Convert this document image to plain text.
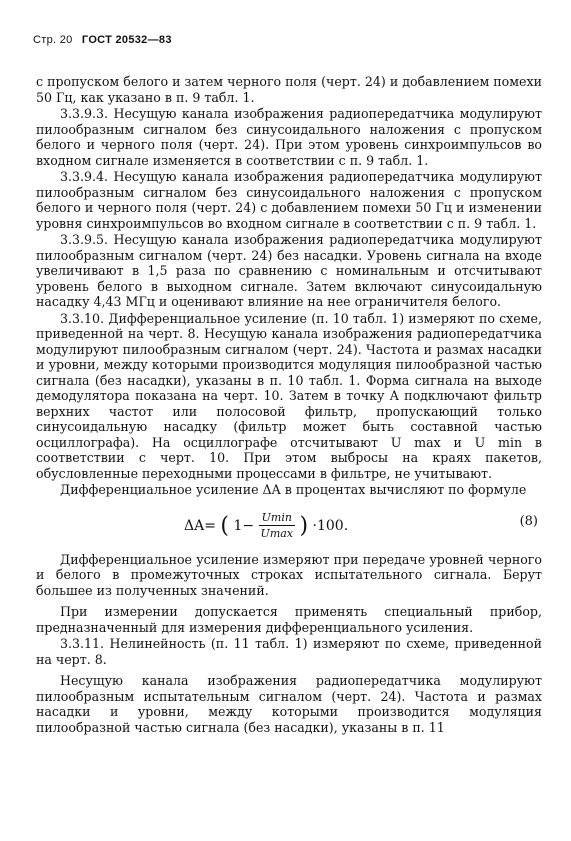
Стр. 20 ГОСТ 20532—83

с пропуском белого и затем черного поля (черт. 24) и добавлением помехи 50 Гц, как указано в п. 9 табл. 1.

3.3.9.3. Несущую канала изображения радиопередатчика модулируют пилообразным сигналом без синусоидального наложения с пропуском белого и черного поля (черт. 24). При этом уровень синхроимпульсов во входном сигнале изменяется в соответствии с п. 9 табл. 1.

3.3.9.4. Несущую канала изображения радиопередатчика модулируют пилообразным сигналом без синусоидального наложения с пропуском белого и черного поля (черт. 24) с добавлением помехи 50 Гц и изменении уровня синхроимпульсов во входном сигнале в соответствии с п. 9 табл. 1.

3.3.9.5. Несущую канала изображения радиопередатчика модулируют пилообразным сигналом (черт. 24) без насадки. Уровень сигнала на входе увеличивают в 1,5 раза по сравнению с номинальным и отсчитывают уровень белого в выходном сигнале. Затем включают синусоидальную насадку 4,43 МГц и оценивают влияние на нее ограничителя белого.

3.3.10. Дифференциальное усиление (п. 10 табл. 1) измеряют по схеме, приведенной на черт. 8. Несущую канала изображения радиопередатчика модулируют пилообразным сигналом (черт. 24). Частота и размах насадки и уровни, между которыми производится модуляция пилообразной частью сигнала (без насадки), указаны в п. 10 табл. 1. Форма сигнала на выходе демодулятора показана на черт. 10. Затем в точку A подключают фильтр верхних частот или полосовой фильтр, пропускающий только синусоидальную насадку (фильтр может быть составной частью осциллографа). На осциллографе отсчитывают U max и U min в соответствии с черт. 10. При этом выбросы на краях пакетов, обусловленные переходными процессами в фильтре, не учитывают.

Дифференциальное усиление ΔA в процентах вычисляют по формуле

ΔA= ( $1- \frac{Umin}{Umax}$ ) ·100.	(8)

Дифференциальное усиление измеряют при передаче уровней черного и белого в промежуточных строках испытательного сигнала. Берут большее из полученных значений.

При измерении допускается применять специальный прибор, предназначенный для измерения дифференциального усиления.

3.3.11. Нелинейность (п. 11 табл. 1) измеряют по схеме, приведенной на черт. 8.

Несущую канала изображения радиопередатчика модулируют пилообразным испытательным сигналом (черт. 24). Частота и размах насадки и уровни, между которыми производится модуляция пилообразной частью сигнала (без насадки), указаны в п. 11
